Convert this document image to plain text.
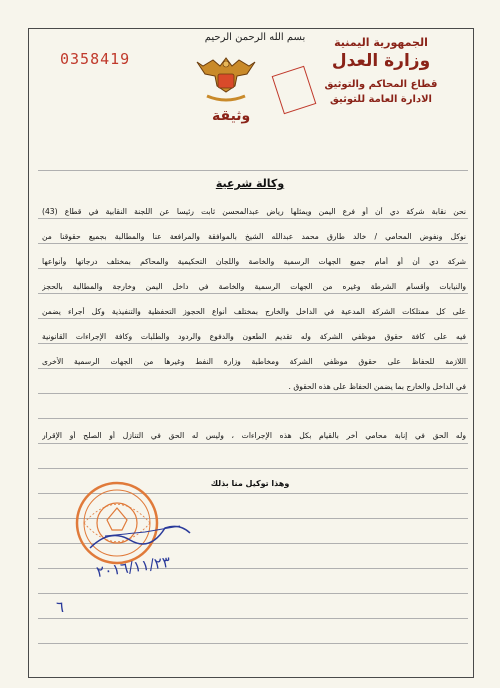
0358419
بسم الله الرحمن الرحيم
وثيقة
الجمهورية اليمنية
وزارة العدل
قطاع المحاكم والتوثيق
الادارة العامة للتوثيق
وكالة شرعية
نحن نقابة شركة دي أن أو فرع اليمن ويمثلها رياض عبدالمحسن ثابت رئيسا عن اللجنة النقابية في قطاع (43)
نوكل ونفوض المحامي / خالد طارق محمد عبدالله الشيخ بالموافقة والمرافعة عنا والمطالبة بجميع حقوقنا من
شركة دي أن أو أمام جميع الجهات الرسمية والخاصة واللجان التحكيمية والمحاكم بمختلف درجاتها وأنواعها
والنيابات وأقسام الشرطة وغيره من الجهات الرسمية والخاصة في داخل اليمن وخارجة والمطالبة بالحجز
على كل ممتلكات الشركة المدعية في الداخل والخارج بمختلف أنواع الحجوز التحفظية والتنفيذية وكل أجراء يضمن
فيه على كافة حقوق موظفي الشركة وله تقديم الطعون والدفوع والردود والطلبات وكافة الإجراءات القانونية
اللازمة للحفاظ على حقوق موظفي الشركة ومخاطبة وزارة النفط وغيرها من الجهات الرسمية الأخرى
في الداخل والخارج بما يضمن الحفاظ على هذه الحقوق .
وله الحق في إنابة محامي أخر بالقيام بكل هذه الإجراءات ، وليس له الحق في التنازل أو الصلح أو الإقرار
وهذا توكيل منا بذلك
٢٠١٦/١١/٢٣
٦
